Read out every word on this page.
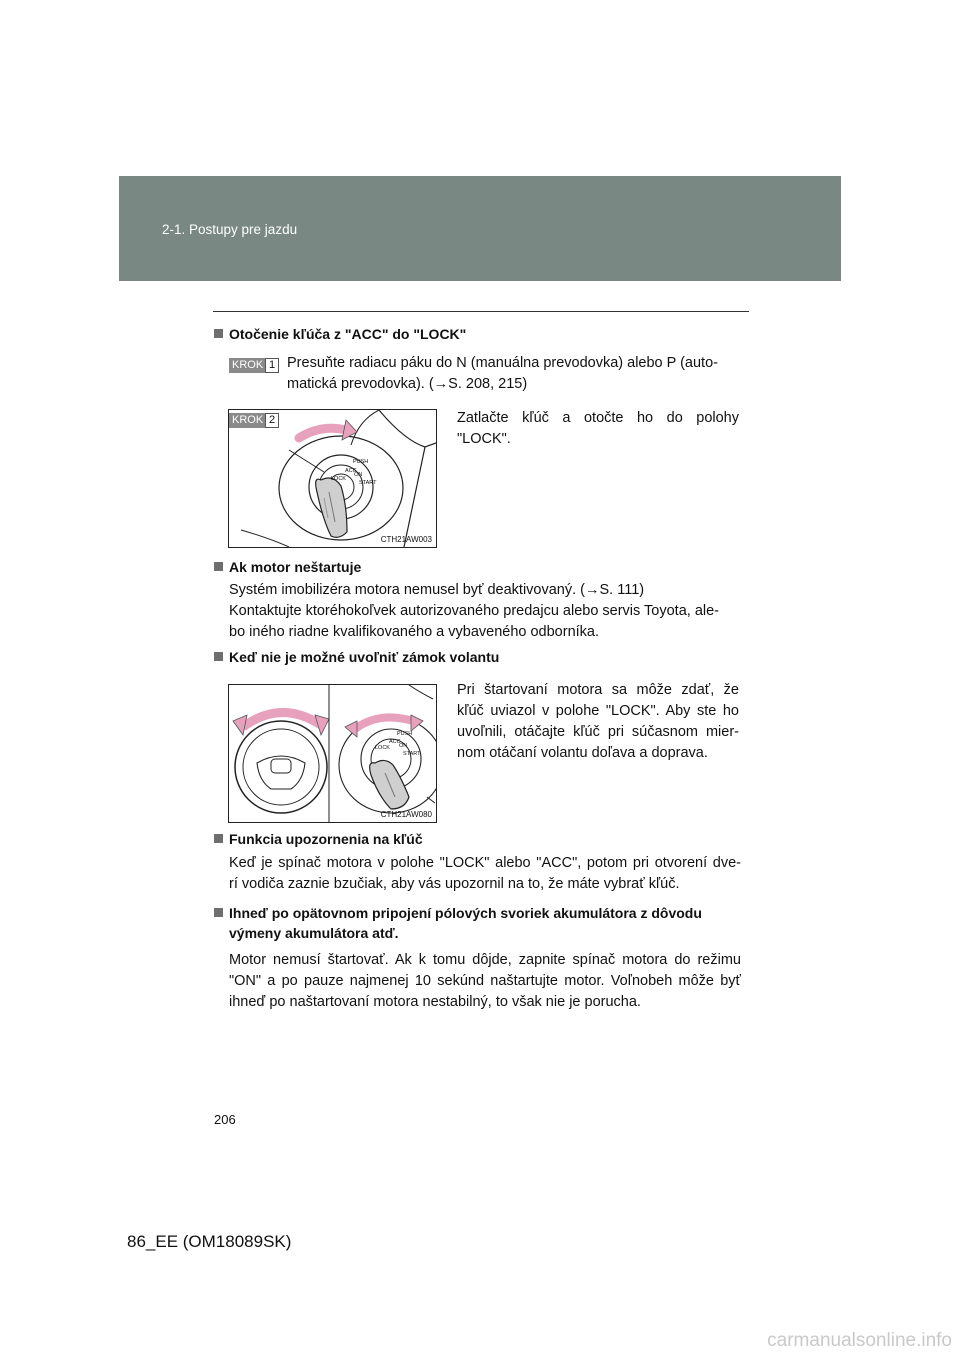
2-1. Postupy pre jazdu
Otočenie kľúča z "ACC" do "LOCK"
KROK 1 Presuňte radiacu páku do N (manuálna prevodovka) alebo P (auto-
matická prevodovka). (→S. 208, 215)
PUSH
LOCK
ACC
ON
START
CTH21AW003
KROK 2	Zatlačte kľúč a otočte ho do polohy
"LOCK".
Ak motor neštartuje
Systém imobilizéra motora nemusel byť deaktivovaný. (→S. 111)
Kontaktujte ktoréhokoľvek autorizovaného predajcu alebo servis Toyota, ale-
bo iného riadne kvalifikovaného a vybaveného odborníka.
Keď nie je možné uvoľniť zámok volantu
PUSH
LOCK
ACC
ON
START
CTH21AW080
Pri štartovaní motora sa môže zdať, že
kľúč uviazol v polohe "LOCK". Aby ste ho
uvoľnili, otáčajte kľúč pri súčasnom mier-
nom otáčaní volantu doľava a doprava.
Funkcia upozornenia na kľúč
Keď je spínač motora v polohe "LOCK" alebo "ACC", potom pri otvorení dve-
rí vodiča zaznie bzučiak, aby vás upozornil na to, že máte vybrať kľúč.
Ihneď po opätovnom pripojení pólových svoriek akumulátora z dôvodu
výmeny akumulátora atď.
Motor nemusí štartovať. Ak k tomu dôjde, zapnite spínač motora do režimu
"ON" a po pauze najmenej 10 sekúnd naštartujte motor. Voľnobeh môže byť
ihneď po naštartovaní motora nestabilný, to však nie je porucha.
206
86_EE (OM18089SK)
carmanualsonline.info
